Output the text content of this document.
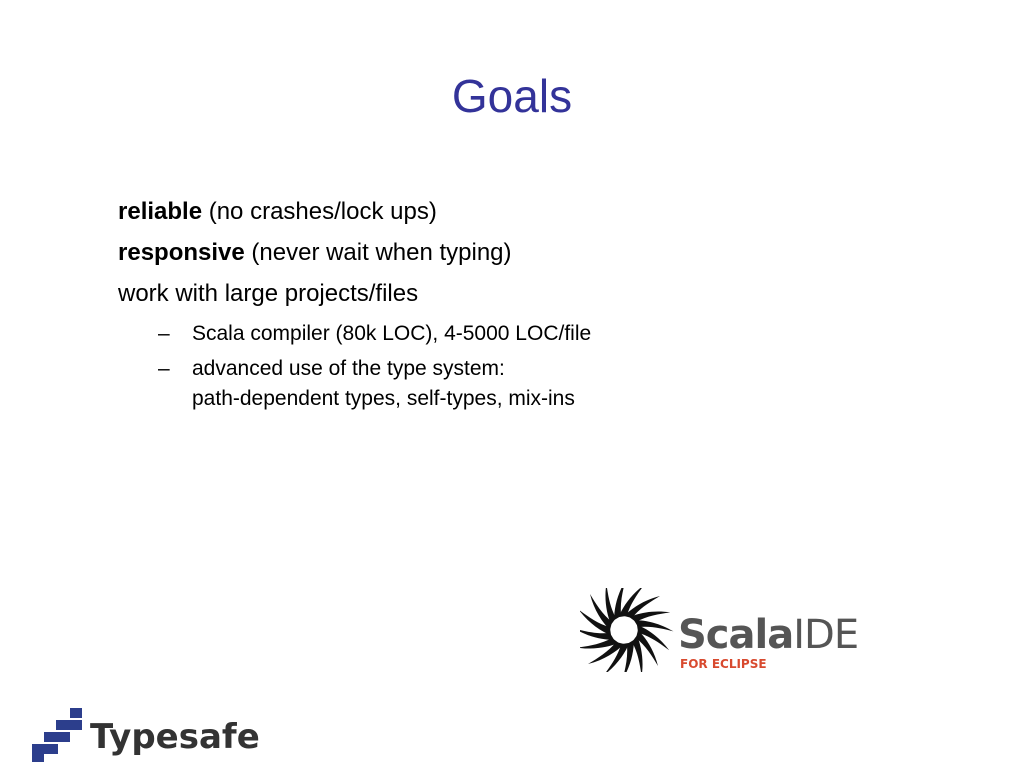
Goals
reliable (no crashes/lock ups)
responsive (never wait when typing)
work with large projects/files
– Scala compiler (80k LOC), 4-5000 LOC/file
– advanced use of the type system:
path-dependent types, self-types, mix-ins
ScalaIDE
FOR ECLIPSE
Typesafe
